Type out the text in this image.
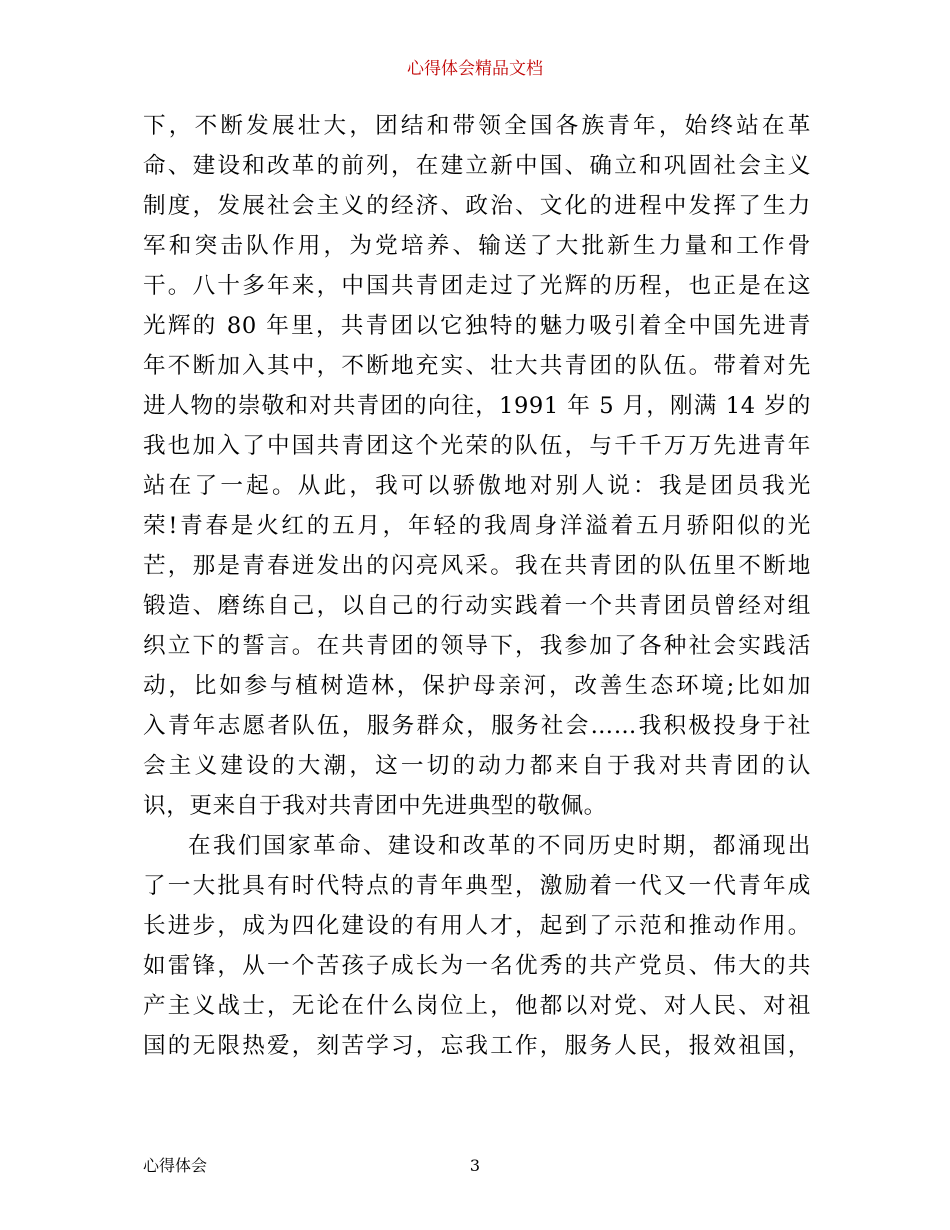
心得体会精品文档

下，不断发展壮大，团结和带领全国各族青年，始终站在革
命、建设和改革的前列，在建立新中国、确立和巩固社会主义
制度，发展社会主义的经济、政治、文化的进程中发挥了生力
军和突击队作用，为党培养、输送了大批新生力量和工作骨
干。八十多年来，中国共青团走过了光辉的历程，也正是在这
光辉的 80 年里，共青团以它独特的魅力吸引着全中国先进青
年不断加入其中，不断地充实、壮大共青团的队伍。带着对先
进人物的崇敬和对共青团的向往，1991 年 5 月，刚满 14 岁的
我也加入了中国共青团这个光荣的队伍，与千千万万先进青年
站在了一起。从此，我可以骄傲地对别人说：我是团员我光
荣!青春是火红的五月，年轻的我周身洋溢着五月骄阳似的光
芒，那是青春迸发出的闪亮风采。我在共青团的队伍里不断地
锻造、磨练自己，以自己的行动实践着一个共青团员曾经对组
织立下的誓言。在共青团的领导下，我参加了各种社会实践活
动，比如参与植树造林，保护母亲河，改善生态环境;比如加
入青年志愿者队伍，服务群众，服务社会……我积极投身于社
会主义建设的大潮，这一切的动力都来自于我对共青团的认
识，更来自于我对共青团中先进典型的敬佩。

在我们国家革命、建设和改革的不同历史时期，都涌现出
了一大批具有时代特点的青年典型，激励着一代又一代青年成
长进步，成为四化建设的有用人才，起到了示范和推动作用。
如雷锋，从一个苦孩子成长为一名优秀的共产党员、伟大的共
产主义战士，无论在什么岗位上，他都以对党、对人民、对祖
国的无限热爱，刻苦学习，忘我工作，服务人民，报效祖国，

心得体会	3
